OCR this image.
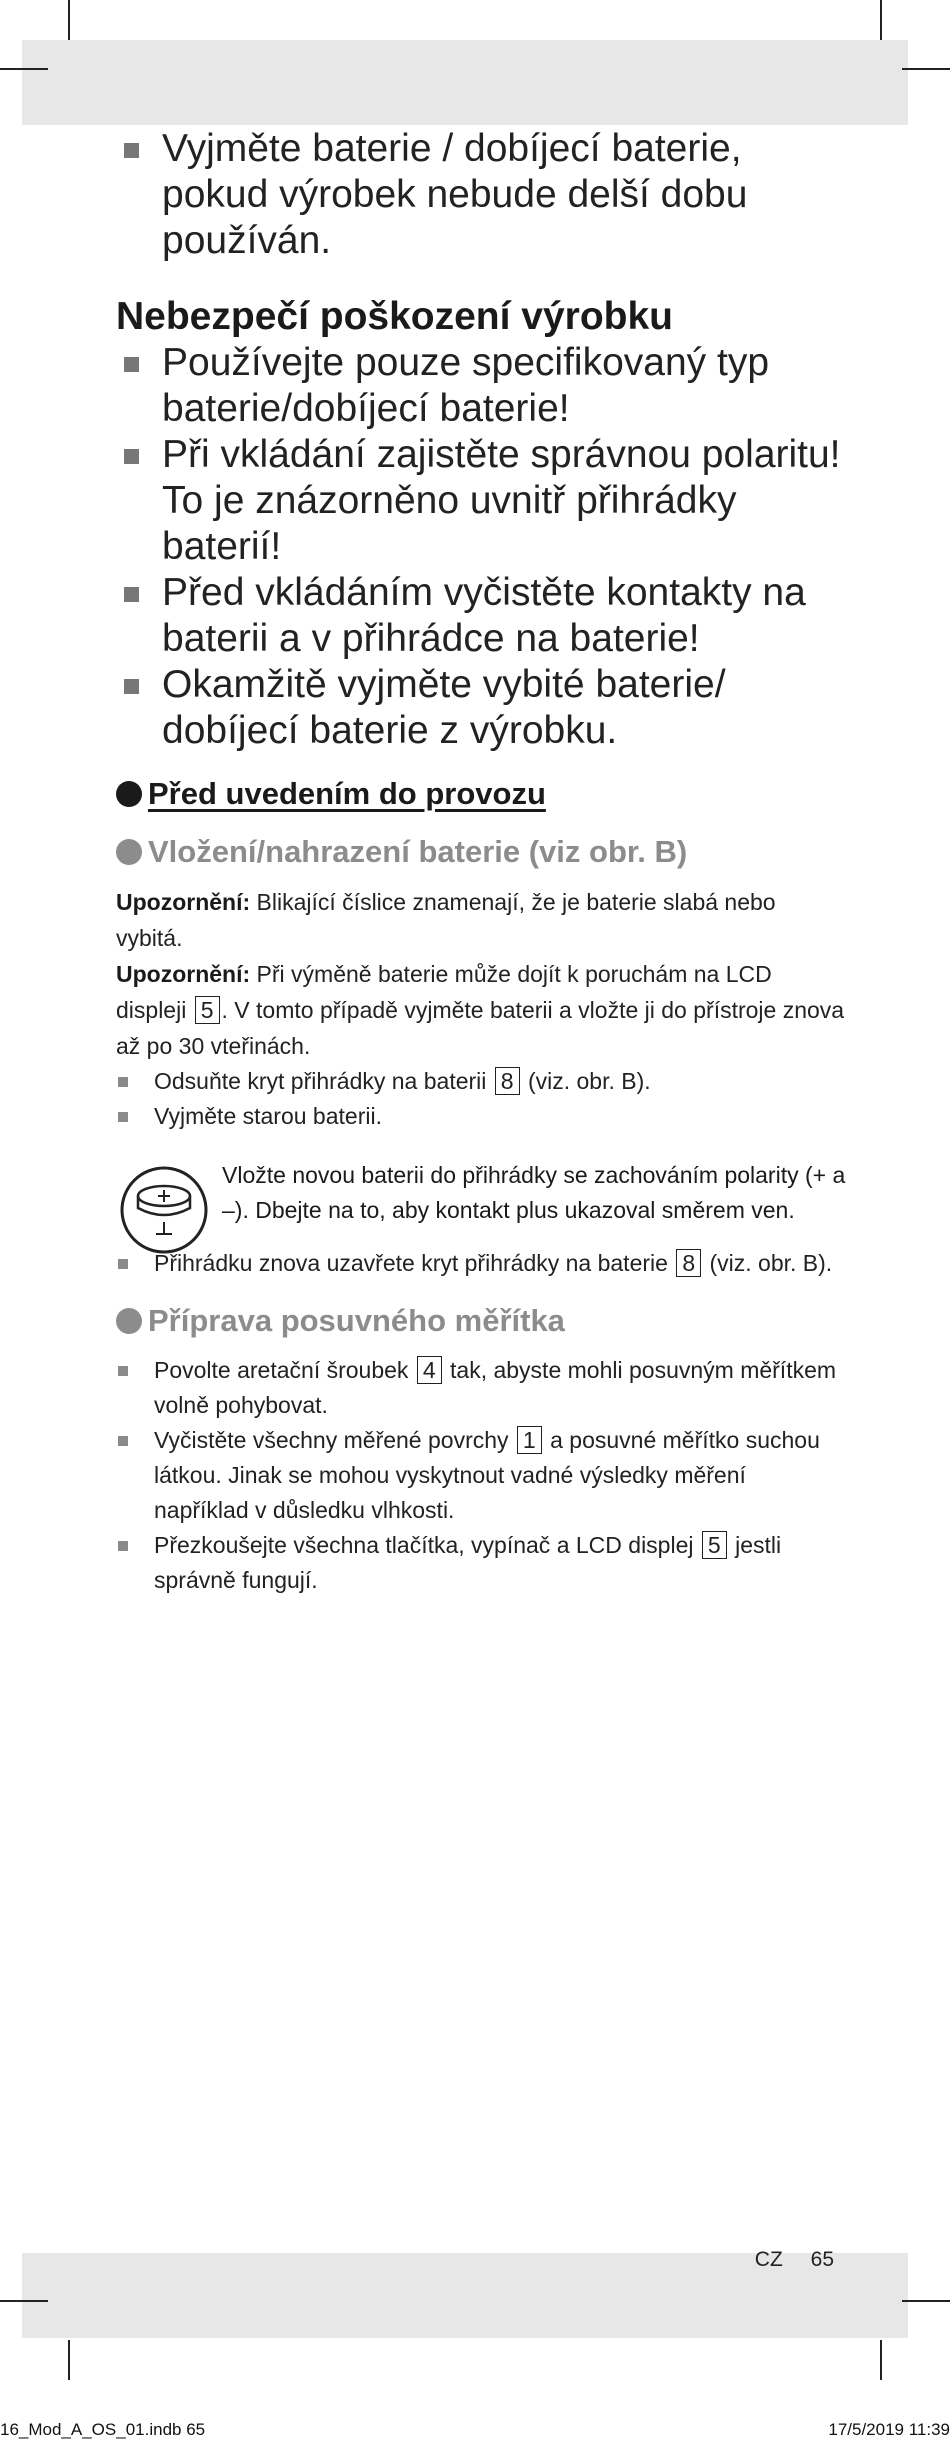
Vyjměte baterie / dobíjecí baterie, pokud výrobek nebude delší dobu používán.
Nebezpečí poškození výrobku
Používejte pouze specifikovaný typ baterie/dobíjecí baterie!
Při vkládání zajistěte správnou polaritu! To je znázorněno uvnitř přihrádky baterií!
Před vkládáním vyčistěte kontakty na baterii a v přihrádce na baterie!
Okamžitě vyjměte vybité baterie/ dobíjecí baterie z výrobku.
Před uvedením do provozu
Vložení/nahrazení baterie (viz obr. B)
Upozornění: Blikající číslice znamenají, že je baterie slabá nebo vybitá.
Upozornění: Při výměně baterie může dojít k poruchám na LCD displeji 5 . V tomto případě vyjměte baterii a vložte ji do přístroje znova až po 30 vteřinách.
Odsuňte kryt přihrádky na baterii 8 (viz. obr. B).
Vyjměte starou baterii.
Vložte novou baterii do přihrádky se zachováním polarity (+ a –). Dbejte na to, aby kontakt plus ukazoval směrem ven.
Přihrádku znova uzavřete kryt přihrádky na baterie 8 (viz. obr. B).
Příprava posuvného měřítka
Povolte aretační šroubek 4 tak, abyste mohli posuvným měřítkem volně pohybovat.
Vyčistěte všechny měřené povrchy 1 a posuvné měřítko suchou látkou. Jinak se mohou vyskytnout vadné výsledky měření například v důsledku vlhkosti.
Přezkoušejte všechna tlačítka, vypínač a LCD displej 5 jestli správně fungují.
CZ 65
16_Mod_A_OS_01.indb 65	17/5/2019 11:39
